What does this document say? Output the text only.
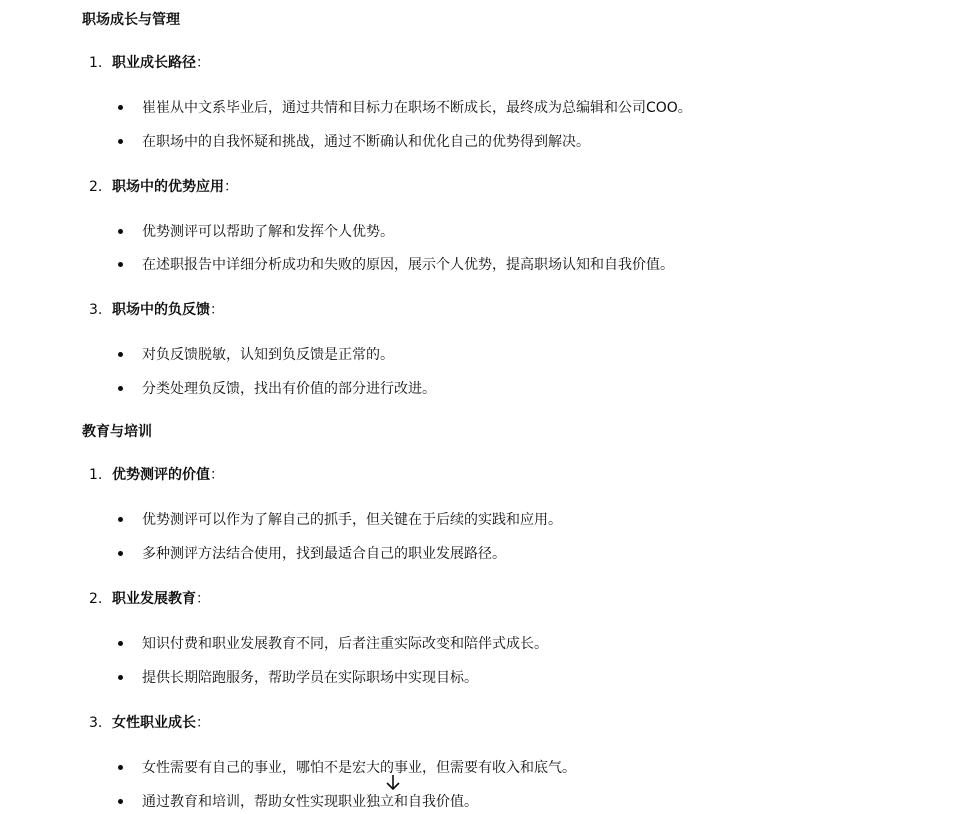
职场成长与管理
1. 职业成长路径：
崔崔从中文系毕业后，通过共情和目标力在职场不断成长，最终成为总编辑和公司COO。
在职场中的自我怀疑和挑战，通过不断确认和优化自己的优势得到解决。
2. 职场中的优势应用：
优势测评可以帮助了解和发挥个人优势。
在述职报告中详细分析成功和失败的原因，展示个人优势，提高职场认知和自我价值。
3. 职场中的负反馈：
对负反馈脱敏，认知到负反馈是正常的。
分类处理负反馈，找出有价值的部分进行改进。
教育与培训
1. 优势测评的价值：
优势测评可以作为了解自己的抓手，但关键在于后续的实践和应用。
多种测评方法结合使用，找到最适合自己的职业发展路径。
2. 职业发展教育：
知识付费和职业发展教育不同，后者注重实际改变和陪伴式成长。
提供长期陪跑服务，帮助学员在实际职场中实现目标。
3. 女性职业成长：
女性需要有自己的事业，哪怕不是宏大的事业，但需要有收入和底气。
通过教育和培训，帮助女性实现职业独立和自我价值。
